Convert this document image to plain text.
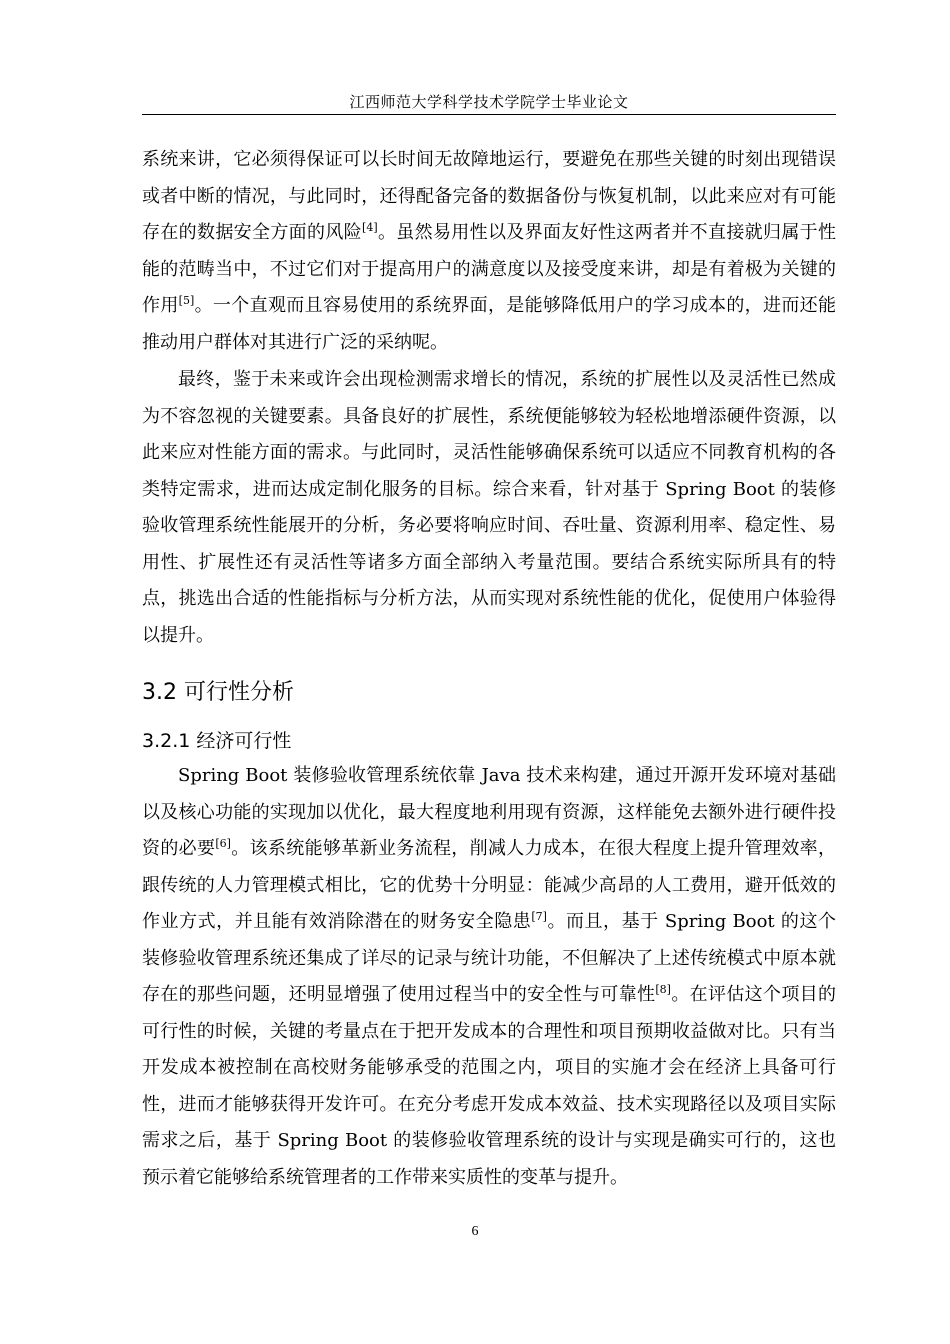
江西师范大学科学技术学院学士毕业论文

系统来讲，它必须得保证可以长时间无故障地运行，要避免在那些关键的时刻出现错误或者中断的情况，与此同时，还得配备完备的数据备份与恢复机制，以此来应对有可能存在的数据安全方面的风险[4]。虽然易用性以及界面友好性这两者并不直接就归属于性能的范畴当中，不过它们对于提高用户的满意度以及接受度来讲，却是有着极为关键的作用[5]。一个直观而且容易使用的系统界面，是能够降低用户的学习成本的，进而还能推动用户群体对其进行广泛的采纳呢。

最终，鉴于未来或许会出现检测需求增长的情况，系统的扩展性以及灵活性已然成为不容忽视的关键要素。具备良好的扩展性，系统便能够较为轻松地增添硬件资源，以此来应对性能方面的需求。与此同时，灵活性能够确保系统可以适应不同教育机构的各类特定需求，进而达成定制化服务的目标。综合来看，针对基于 Spring Boot 的装修验收管理系统性能展开的分析，务必要将响应时间、吞吐量、资源利用率、稳定性、易用性、扩展性还有灵活性等诸多方面全部纳入考量范围。要结合系统实际所具有的特点，挑选出合适的性能指标与分析方法，从而实现对系统性能的优化，促使用户体验得以提升。

3.2 可行性分析
3.2.1 经济可行性

Spring Boot 装修验收管理系统依靠 Java 技术来构建，通过开源开发环境对基础以及核心功能的实现加以优化，最大程度地利用现有资源，这样能免去额外进行硬件投资的必要[6]。该系统能够革新业务流程，削减人力成本，在很大程度上提升管理效率，跟传统的人力管理模式相比，它的优势十分明显：能减少高昂的人工费用，避开低效的作业方式，并且能有效消除潜在的财务安全隐患[7]。而且，基于 Spring Boot 的这个装修验收管理系统还集成了详尽的记录与统计功能，不但解决了上述传统模式中原本就存在的那些问题，还明显增强了使用过程当中的安全性与可靠性[8]。在评估这个项目的可行性的时候，关键的考量点在于把开发成本的合理性和项目预期收益做对比。只有当开发成本被控制在高校财务能够承受的范围之内，项目的实施才会在经济上具备可行性，进而才能够获得开发许可。在充分考虑开发成本效益、技术实现路径以及项目实际需求之后，基于 Spring Boot 的装修验收管理系统的设计与实现是确实可行的，这也预示着它能够给系统管理者的工作带来实质性的变革与提升。

6
